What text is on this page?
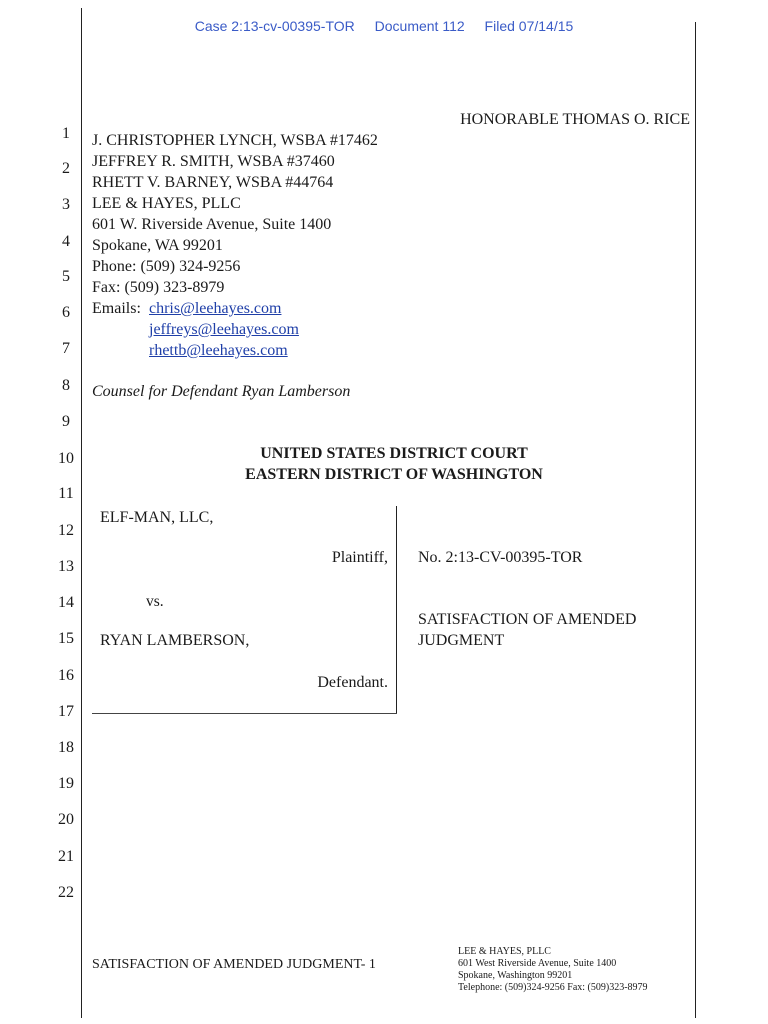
Case 2:13-cv-00395-TOR Document 112 Filed 07/14/15
1
2
3
4
5
6
7
8
9
10
11
12
13
14
15
16
17
18
19
20
21
22
HONORABLE THOMAS O. RICE
J. CHRISTOPHER LYNCH, WSBA #17462
JEFFREY R. SMITH, WSBA #37460
RHETT V. BARNEY, WSBA #44764
LEE & HAYES, PLLC
601 W. Riverside Avenue, Suite 1400
Spokane, WA 99201
Phone: (509) 324-9256
Fax: (509) 323-8979
Emails: chris@leehayes.com
jeffreys@leehayes.com
rhettb@leehayes.com
Counsel for Defendant Ryan Lamberson
UNITED STATES DISTRICT COURT
EASTERN DISTRICT OF WASHINGTON
ELF-MAN, LLC,
Plaintiff,
vs.
RYAN LAMBERSON,
Defendant.
No. 2:13-CV-00395-TOR
SATISFACTION OF AMENDED
JUDGMENT
SATISFACTION OF AMENDED JUDGMENT- 1
LEE & HAYES, PLLC
601 West Riverside Avenue, Suite 1400
Spokane, Washington 99201
Telephone: (509)324-9256 Fax: (509)323-8979
